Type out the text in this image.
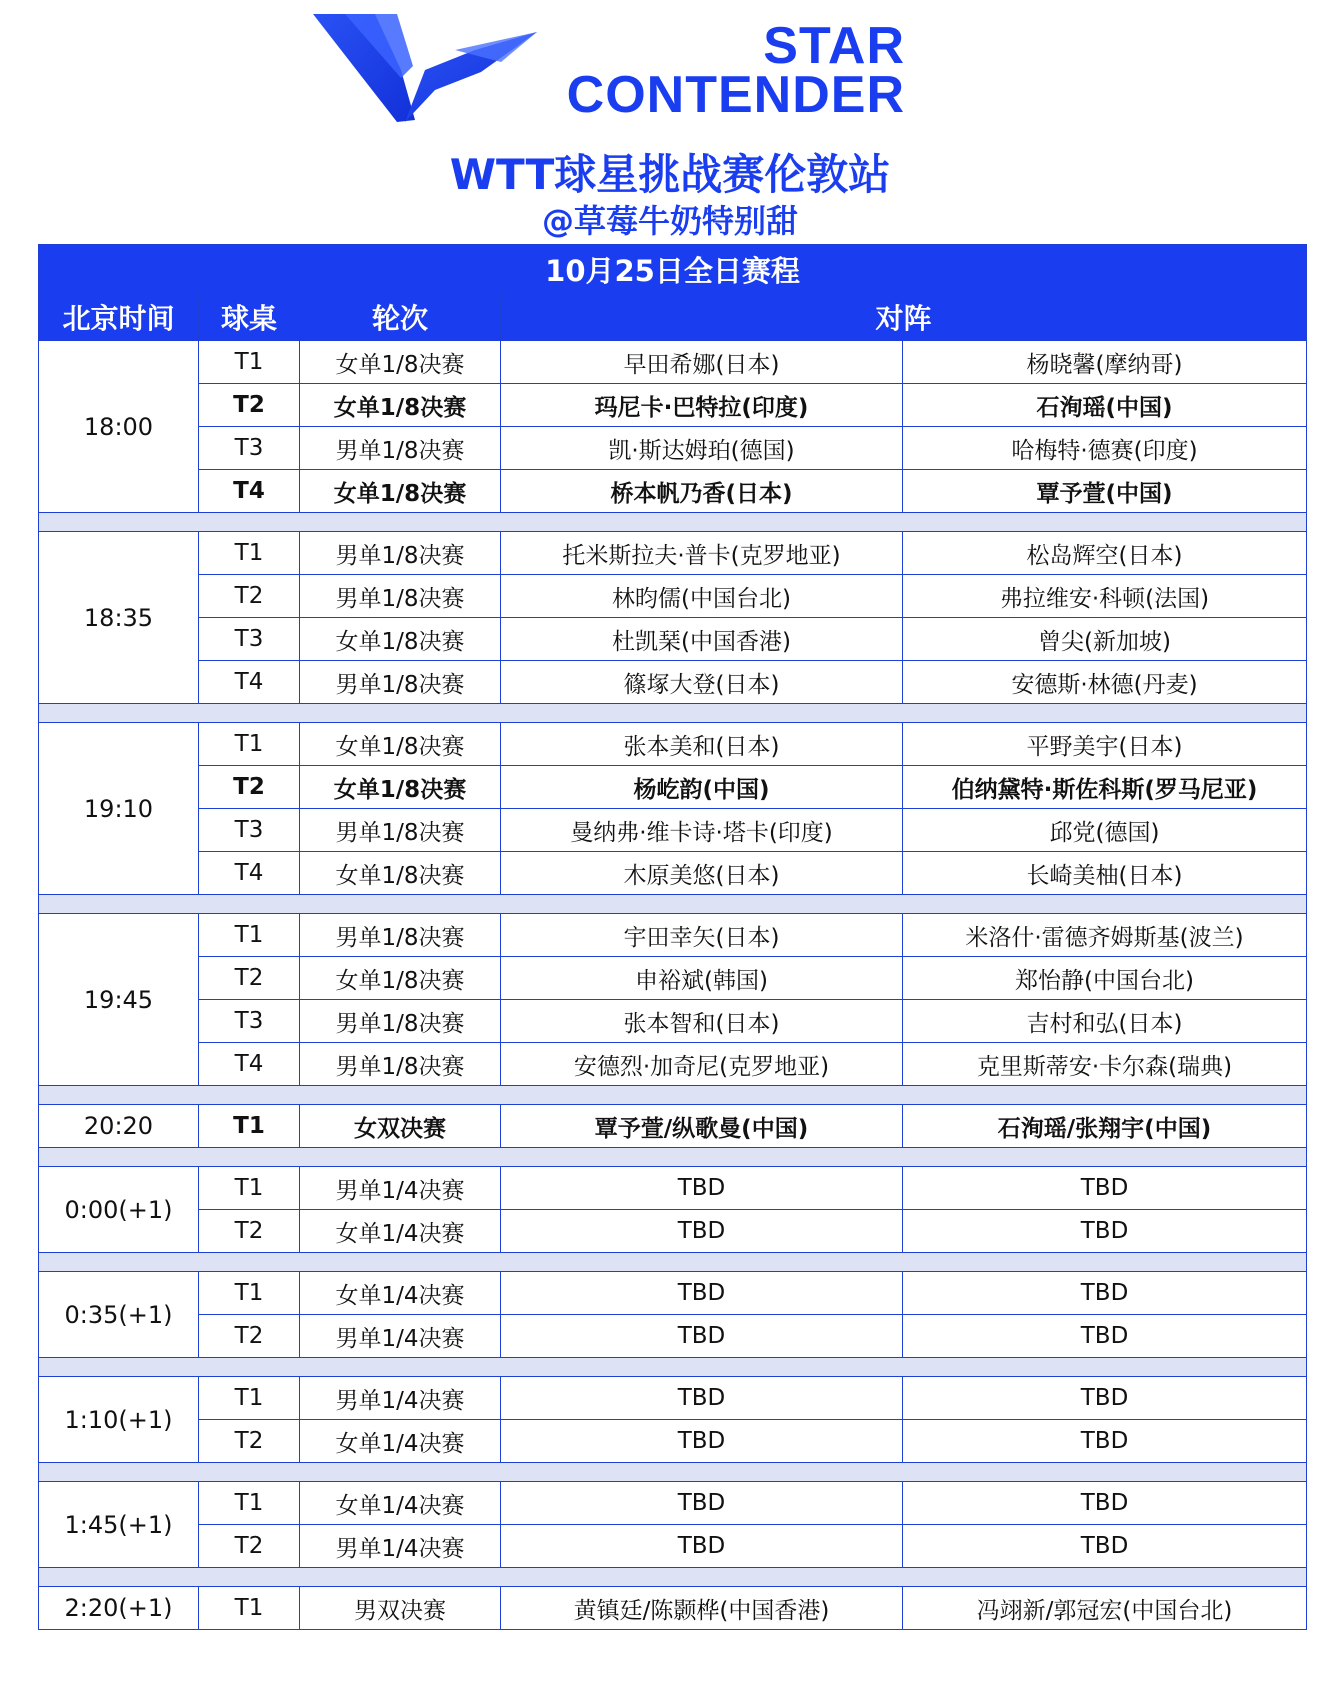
STAR
CONTENDER
WTT球星挑战赛伦敦站
@草莓牛奶特别甜
10月25日全日赛程				
北京时间	球桌	轮次	对阵	
18:00	T1	女单1/8决赛	早田希娜(日本)	杨晓馨(摩纳哥)
	T2	女单1/8决赛	玛尼卡·巴特拉(印度)	石洵瑶(中国)
	T3	男单1/8决赛	凯·斯达姆珀(德国)	哈梅特·德赛(印度)
	T4	女单1/8决赛	桥本帆乃香(日本)	覃予萱(中国)

18:35	T1	男单1/8决赛	托米斯拉夫·普卡(克罗地亚)	松岛辉空(日本)
	T2	男单1/8决赛	林昀儒(中国台北)	弗拉维安·科顿(法国)
	T3	女单1/8决赛	杜凯琹(中国香港)	曾尖(新加坡)
	T4	男单1/8决赛	篠塚大登(日本)	安德斯·林德(丹麦)

19:10	T1	女单1/8决赛	张本美和(日本)	平野美宇(日本)
	T2	女单1/8决赛	杨屹韵(中国)	伯纳黛特·斯佐科斯(罗马尼亚)
	T3	男单1/8决赛	曼纳弗·维卡诗·塔卡(印度)	邱党(德国)
	T4	女单1/8决赛	木原美悠(日本)	长崎美柚(日本)

19:45	T1	男单1/8决赛	宇田幸矢(日本)	米洛什·雷德齐姆斯基(波兰)
	T2	女单1/8决赛	申裕斌(韩国)	郑怡静(中国台北)
	T3	男单1/8决赛	张本智和(日本)	吉村和弘(日本)
	T4	男单1/8决赛	安德烈·加奇尼(克罗地亚)	克里斯蒂安·卡尔森(瑞典)

20:20	T1	女双决赛	覃予萱/纵歌曼(中国)	石洵瑶/张翔宇(中国)

0:00(+1)	T1	男单1/4决赛	TBD	TBD
	T2	女单1/4决赛	TBD	TBD

0:35(+1)	T1	女单1/4决赛	TBD	TBD
	T2	男单1/4决赛	TBD	TBD

1:10(+1)	T1	男单1/4决赛	TBD	TBD
	T2	女单1/4决赛	TBD	TBD

1:45(+1)	T1	女单1/4决赛	TBD	TBD
	T2	男单1/4决赛	TBD	TBD

2:20(+1)	T1	男双决赛	黄镇廷/陈颢桦(中国香港)	冯翊新/郭冠宏(中国台北)
